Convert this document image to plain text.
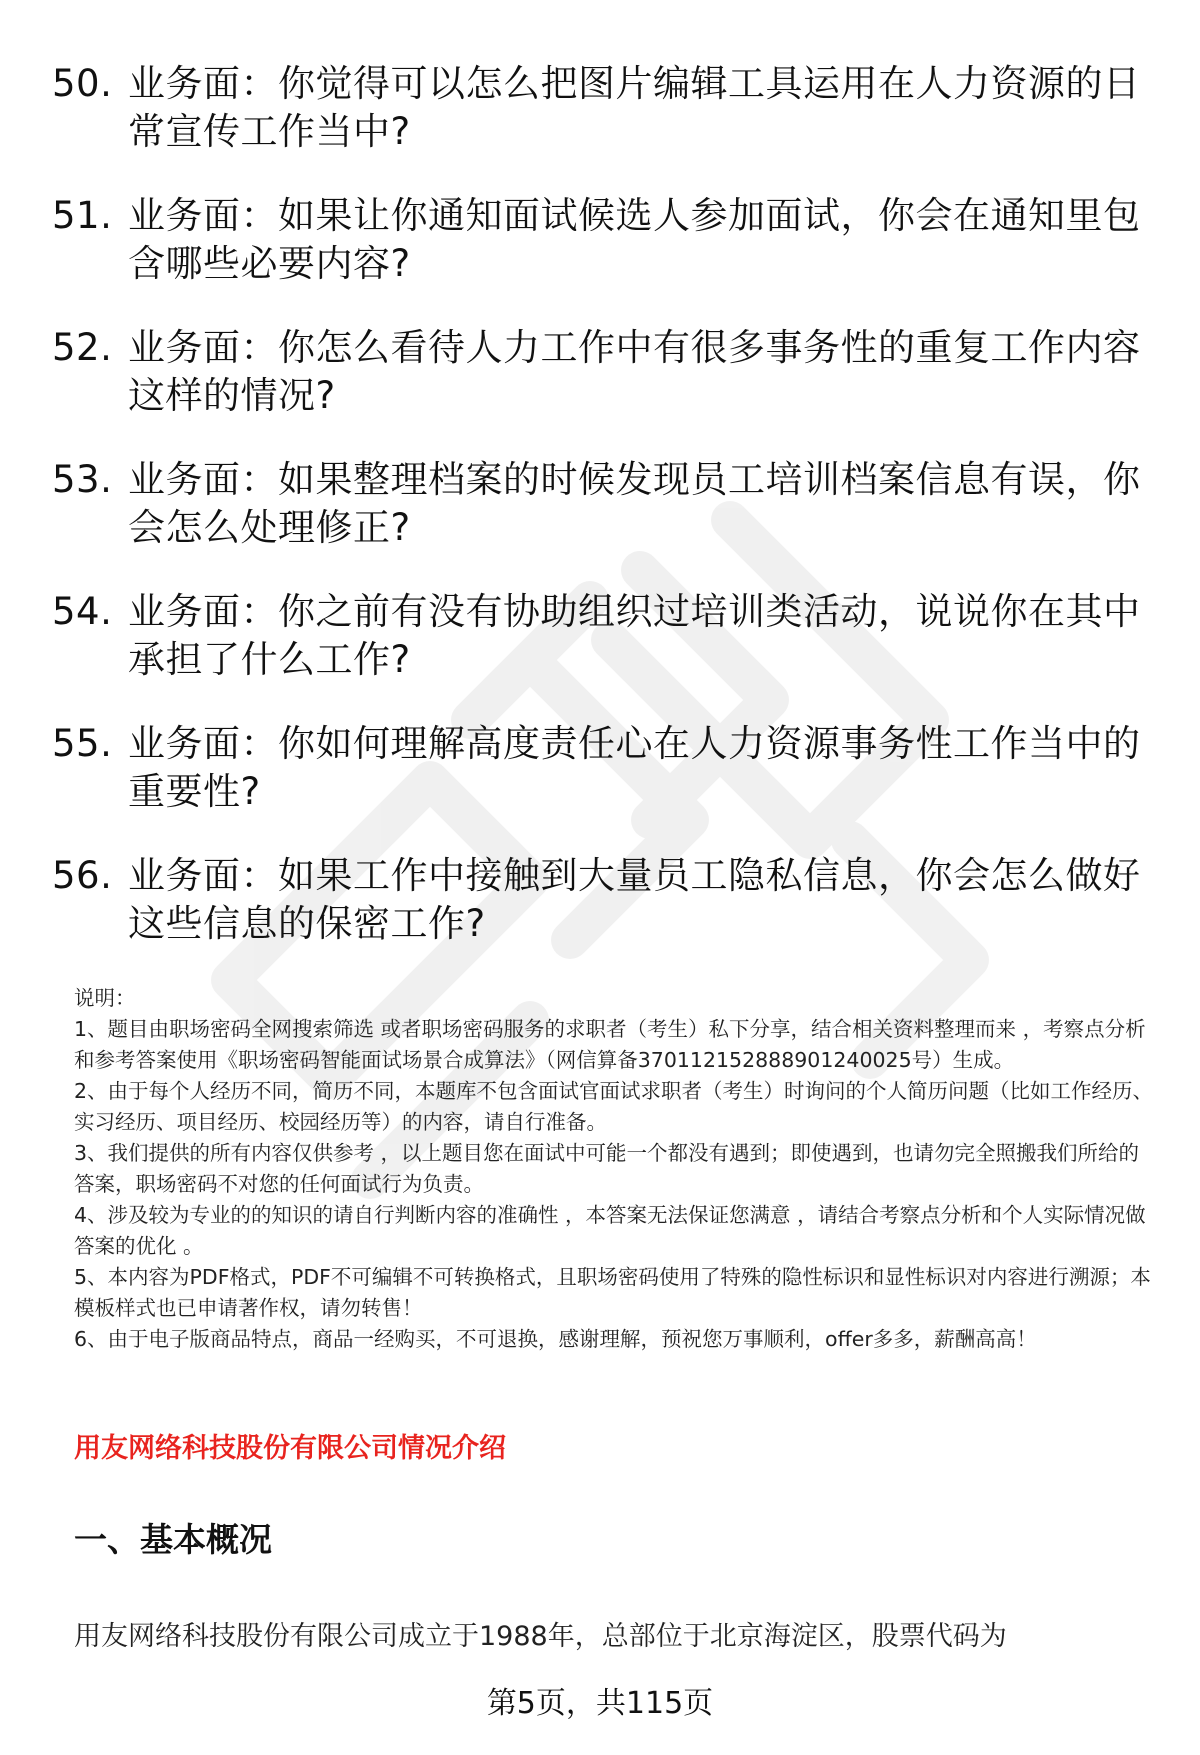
50. 业务面：你觉得可以怎么把图片编辑工具运用在人力资源的日常宣传工作当中?
51. 业务面：如果让你通知面试候选人参加面试，你会在通知里包含哪些必要内容?
52. 业务面：你怎么看待人力工作中有很多事务性的重复工作内容这样的情况?
53. 业务面：如果整理档案的时候发现员工培训档案信息有误，你会怎么处理修正?
54. 业务面：你之前有没有协助组织过培训类活动，说说你在其中承担了什么工作?
55. 业务面：你如何理解高度责任心在人力资源事务性工作当中的重要性?
56. 业务面：如果工作中接触到大量员工隐私信息，你会怎么做好这些信息的保密工作?

说明：

1、题目由职场密码全网搜索筛选 或者职场密码服务的求职者（考生）私下分享，结合相关资料整理而来 ，考察点分析和参考答案使用《职场密码智能面试场景合成算法》（网信算备370112152888901240025号）生成。

2、由于每个人经历不同，简历不同，本题库不包含面试官面试求职者（考生）时询问的个人简历问题（比如工作经历、实习经历、项目经历、校园经历等）的内容，请自行准备。

3、我们提供的所有内容仅供参考 ，以上题目您在面试中可能一个都没有遇到；即使遇到，也请勿完全照搬我们所给的答案，职场密码不对您的任何面试行为负责。

4、涉及较为专业的的知识的请自行判断内容的准确性 ，本答案无法保证您满意 ，请结合考察点分析和个人实际情况做答案的优化 。

5、本内容为PDF格式，PDF不可编辑不可转换格式，且职场密码使用了特殊的隐性标识和显性标识对内容进行溯源；本模板样式也已申请著作权，请勿转售！

6、由于电子版商品特点，商品一经购买，不可退换，感谢理解，预祝您万事顺利，offer多多，薪酬高高！

用友网络科技股份有限公司情况介绍
一、基本概况
用友网络科技股份有限公司成立于1988年，总部位于北京海淀区，股票代码为
第5页，共115页
